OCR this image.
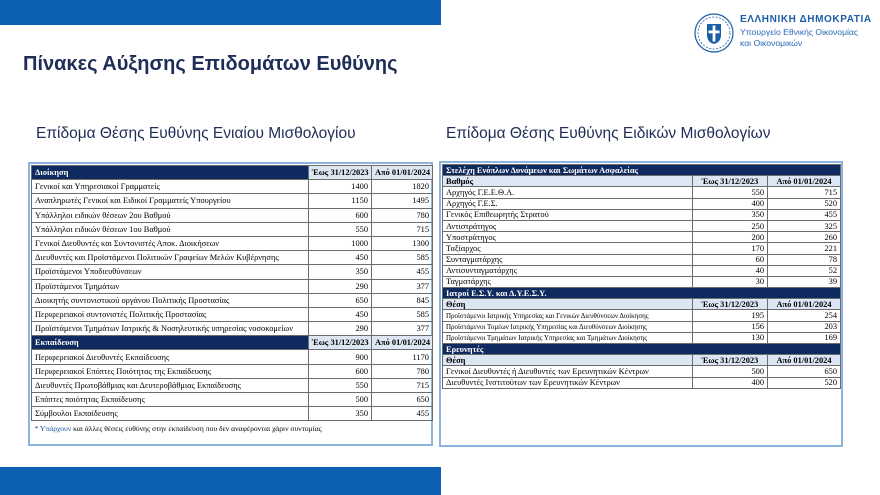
ΕΛΛΗΝΙΚΗ ΔΗΜΟΚΡΑΤΙΑ
Υπουργείο Εθνικής Οικονομίας
και Οικονομικών
Πίνακες Αύξησης Επιδομάτων Ευθύνης
Επίδομα Θέσης Ευθύνης Ενιαίου Μισθολογίου	Επίδομα Θέσης Ευθύνης Ειδικών Μισθολογίων
Διοίκηση	Έως 31/12/2023	Από 01/01/2024
Γενικοί και Υπηρεσιακοί Γραμματείς	1400	1820
Αναπληρωτές Γενικοί και Ειδικοί Γραμματείς Υπουργείου	1150	1495
Υπάλληλοι ειδικών θέσεων 2ου Βαθμού	600	780
Υπάλληλοι ειδικών θέσεων 1ου Βαθμού	550	715
Γενικοί Διευθυντές και Συντονιστές Αποκ. Διοικήσεων	1000	1300
Διευθυντές και Προϊστάμενοι Πολιτικών Γραφείων Μελών Κυβέρνησης	450	585
Προϊστάμενοι Υποδιευθύνσεων	350	455
Προϊστάμενοι Τμημάτων	290	377
Διοικητής συντονιστικού οργάνου Πολιτικής Προστασίας	650	845
Περιφερειακοί συντονιστές Πολιτικής Προστασίας	450	585
Προϊστάμενοι Τμημάτων Ιατρικής & Νοσηλευτικής υπηρεσίας νοσοκομείων	290	377
Εκπαίδευση	Έως 31/12/2023	Από 01/01/2024
Περιφερειακοί Διευθυντές Εκπαίδευσης	900	1170
Περιφερειακοί Επόπτες Ποιότητας της Εκπαίδευσης	600	780
Διευθυντές Πρωτοβάθμιας και Δευτεροβάθμιας Εκπαίδευσης	550	715
Επόπτες ποιότητας Εκπαίδευσης	500	650
Σύμβουλοι Εκπαίδευσης	350	455
* Υπάρχουν και άλλες θέσεις ευθύνης στην εκπαίδευση που δεν αναφέρονται χάριν συντομίας		
Στελέχη Ενόπλων Δυνάμεων και Σωμάτων Ασφαλείας		
Βαθμός	Έως 31/12/2023	Από 01/01/2024
Αρχηγός Γ.Ε.Ε.Θ.Α.	550	715
Αρχηγός Γ.Ε.Σ.	400	520
Γενικός Επιθεωρητής Στρατού	350	455
Αντιστράτηγος	250	325
Υποστράτηγος	200	260
Ταξίαρχος	170	221
Συνταγματάρχης	60	78
Αντισυνταγματάρχης	40	52
Ταγματάρχης	30	39
Ιατροί Ε.Σ.Υ. και Δ.Υ.Ε.Σ.Υ.		
Θέση	Έως 31/12/2023	Από 01/01/2024
Προϊστάμενοι Ιατρικής Υπηρεσίας και Γενικών Διευθύνσεων Διοίκησης	195	254
Προϊστάμενοι Τομέων Ιατρικής Υπηρεσίας και Διευθύνσεων Διοίκησης	156	203
Προϊστάμενοι Τμημάτων Ιατρικής Υπηρεσίας και Τμημάτων Διοίκησης	130	169
Ερευνητές		
Θέση	Έως 31/12/2023	Από 01/01/2024
Γενικοί Διευθυντές ή Διευθυντές των Ερευνητικών Κέντρων	500	650
Διευθυντές Ινστιτούτων των Ερευνητικών Κέντρων	400	520
